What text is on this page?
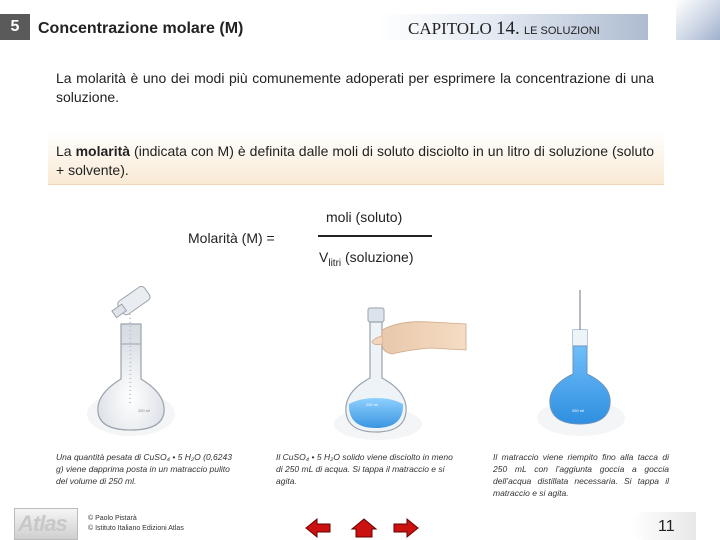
5 Concentrazione molare (M)	CAPITOLO 14. LE SOLUZIONI
La molarità è uno dei modi più comunemente adoperati per esprimere la concentrazione di una soluzione.
La molarità (indicata con M) è definita dalle moli di soluto disciolto in un litro di soluzione (soluto + solvente).
Molarità (M) =
moli (soluto)
$V_{litri}$ (soluzione)
250 ml
250 ml
250 ml
Una quantità pesata di CuSO₄ • 5 H₂O (0,6243 g) viene dapprima posta in un matraccio pulito del volume di 250 ml.
Il CuSO₄ • 5 H₂O solido viene disciolto in meno di 250 mL di acqua. Si tappa il matraccio e si agita.
Il matraccio viene riempito fino alla tacca di 250 mL con l’aggiunta goccia a goccia dell’acqua distillata necessaria. Si tappa il matraccio e si agita.
Atlas	© Paolo Pistarà
© Istituto Italiano Edizioni Atlas	11
